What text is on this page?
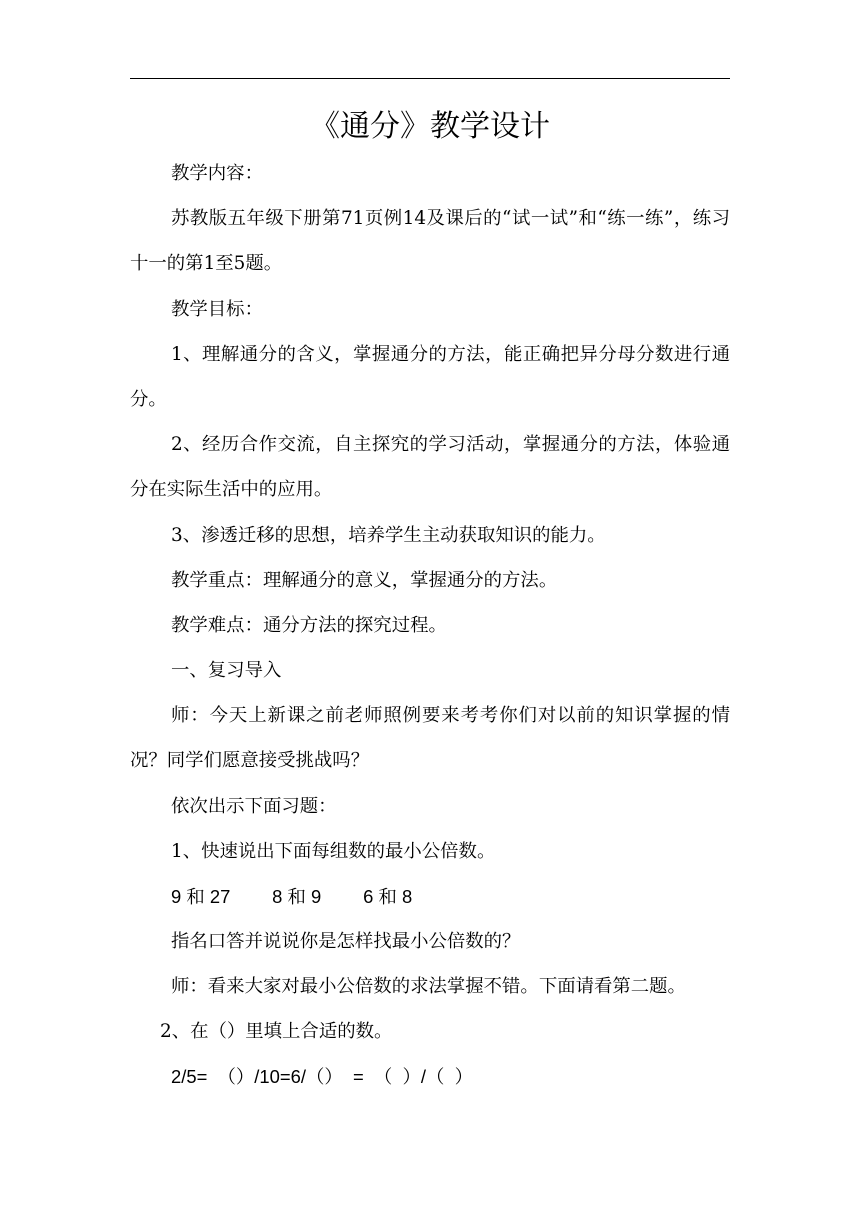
《通分》教学设计
教学内容：
苏教版五年级下册第71页例14及课后的“试一试”和“练一练”，练习十一的第1至5题。
教学目标：
1、理解通分的含义，掌握通分的方法，能正确把异分母分数进行通分。
2、经历合作交流，自主探究的学习活动，掌握通分的方法，体验通分在实际生活中的应用。
3、渗透迁移的思想，培养学生主动获取知识的能力。
教学重点：理解通分的意义，掌握通分的方法。
教学难点：通分方法的探究过程。
一、复习导入
师：今天上新课之前老师照例要来考考你们对以前的知识掌握的情况？同学们愿意接受挑战吗？
依次出示下面习题：
1、快速说出下面每组数的最小公倍数。
9 和 27　　 8 和 9　　 6 和 8
指名口答并说说你是怎样找最小公倍数的？
师：看来大家对最小公倍数的求法掌握不错。下面请看第二题。
2、在（）里填上合适的数。
2/5=  （）/10=6/（）  =  （  ）/（  ）
